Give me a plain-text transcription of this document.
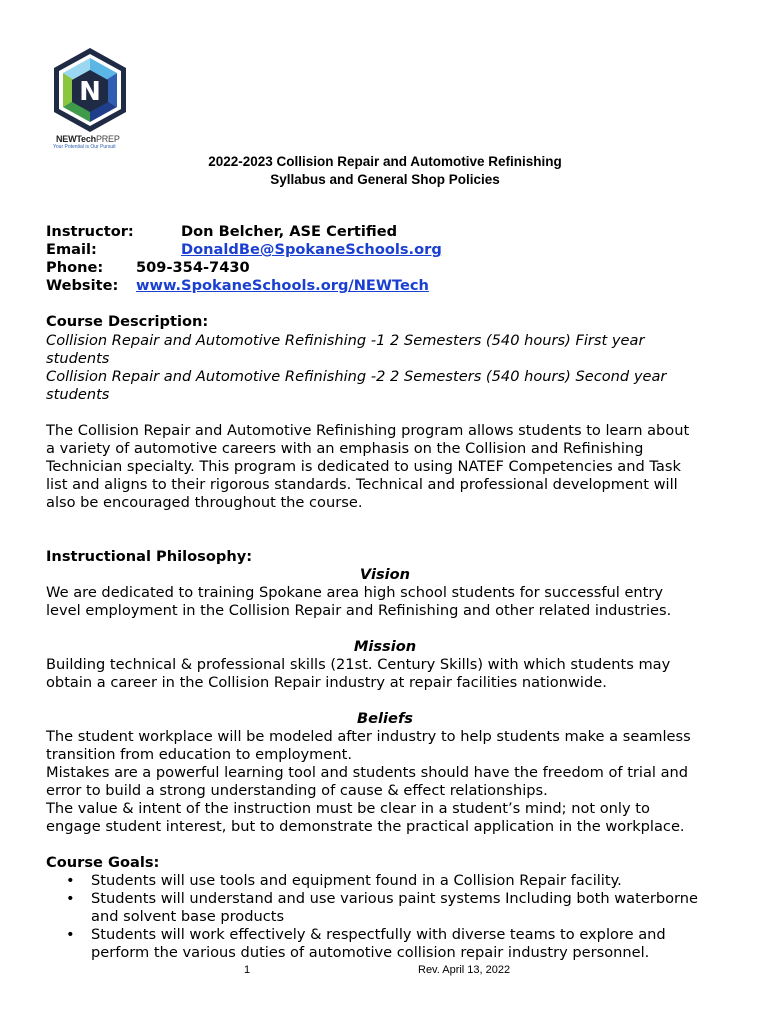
N
NEWTechPREP
Your Potential is Our Pursuit
2022-2023 Collision Repair and Automotive Refinishing
Syllabus and General Shop Policies
Instructor:	Don Belcher, ASE Certified
Email:	DonaldBe@SpokaneSchools.org
Phone: 509-354-7430
Website: www.SpokaneSchools.org/NEWTech
Course Description:
Collision Repair and Automotive Refinishing -1 2 Semesters (540 hours) First year
students
Collision Repair and Automotive Refinishing -2 2 Semesters (540 hours) Second year
students
The Collision Repair and Automotive Refinishing program allows students to learn about
a variety of automotive careers with an emphasis on the Collision and Refinishing
Technician specialty. This program is dedicated to using NATEF Competencies and Task
list and aligns to their rigorous standards. Technical and professional development will
also be encouraged throughout the course.
Instructional Philosophy:
Vision
We are dedicated to training Spokane area high school students for successful entry
level employment in the Collision Repair and Refinishing and other related industries.
Mission
Building technical & professional skills (21st. Century Skills) with which students may
obtain a career in the Collision Repair industry at repair facilities nationwide.
Beliefs
The student workplace will be modeled after industry to help students make a seamless
transition from education to employment.
Mistakes are a powerful learning tool and students should have the freedom of trial and
error to build a strong understanding of cause & effect relationships.
The value & intent of the instruction must be clear in a student’s mind; not only to
engage student interest, but to demonstrate the practical application in the workplace.
Course Goals:
• Students will use tools and equipment found in a Collision Repair facility.
• Students will understand and use various paint systems Including both waterborne
and solvent base products
• Students will work effectively & respectfully with diverse teams to explore and
perform the various duties of automotive collision repair industry personnel.
1	Rev. April 13, 2022
